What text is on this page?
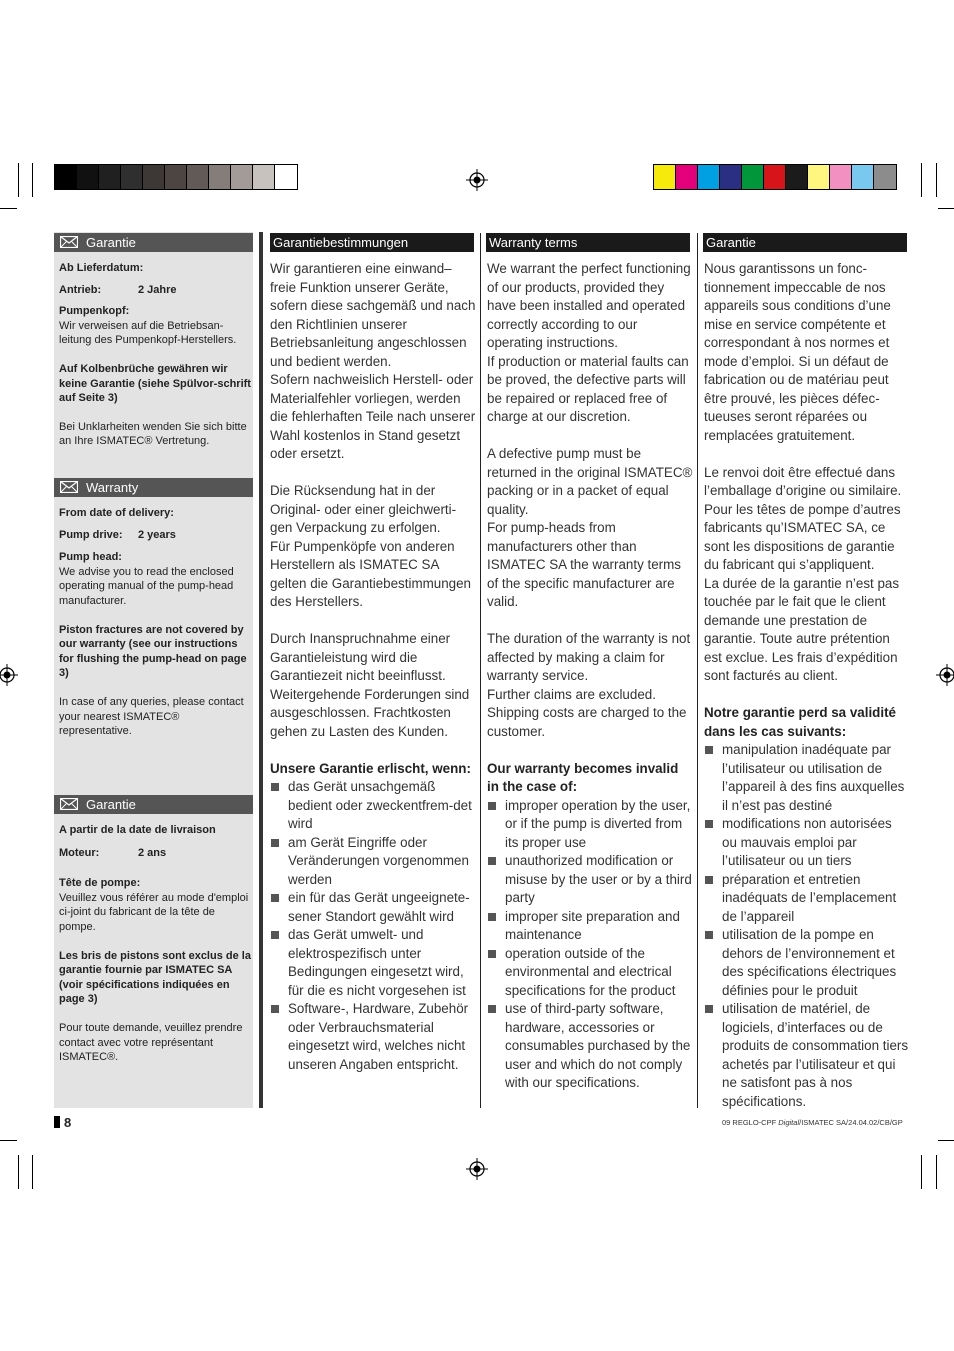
Garantie
Ab Lieferdatum:
Antrieb:	2 Jahre
Pumpenkopf:
Wir verweisen auf die Betriebsan-leitung des Pumpenkopf-Herstellers.
Auf Kolbenbrüche gewähren wir keine Garantie (siehe Spülvor-schrift auf Seite 3)
Bei Unklarheiten wenden Sie sich bitte an Ihre ISMATEC® Vertretung.
Warranty
From date of delivery:
Pump drive:	2 years
Pump head:
We advise you to read the enclosed operating manual of the pump-head manufacturer.
Piston fractures are not covered by our warranty (see our instructions for flushing the pump-head on page 3)
In case of any queries, please contact your nearest ISMATEC® representative.
Garantie
A partir de la date de livraison
Moteur:	2 ans
Tête de pompe:
Veuillez vous référer au mode d'emploi ci-joint du fabricant de la tête de pompe.
Les bris de pistons sont exclus de la garantie fournie par ISMATEC SA (voir spécifications indiquées en page 3)
Pour toute demande, veuillez prendre contact avec votre représentant ISMATEC®.
Garantiebestimmungen

Wir garantieren eine einwand–freie Funktion unserer Geräte, sofern diese sachgemäß und nach den Richtlinien unserer Betriebsanleitung angeschlossen und bedient werden.

Sofern nachweislich Herstell- oder Materialfehler vorliegen, werden die fehlerhaften Teile nach unserer Wahl kostenlos in Stand gesetzt oder ersetzt.

Die Rücksendung hat in der Original- oder einer gleichwerti-gen Verpackung zu erfolgen.

Für Pumpenköpfe von anderen Herstellern als ISMATEC SA gelten die Garantiebestimmungen des Herstellers.

Durch Inanspruchnahme einer Garantieleistung wird die Garantiezeit nicht beeinflusst.

Weitergehende Forderungen sind ausgeschlossen. Frachtkosten gehen zu Lasten des Kunden.

Unsere Garantie erlischt, wenn:

das Gerät unsachgemäß bedient oder zweckentfrem-det wird
am Gerät Eingriffe oder Veränderungen vorgenommen werden
ein für das Gerät ungeeignete-sener Standort gewählt wird
das Gerät umwelt- und elektrospezifisch unter Bedingungen eingesetzt wird, für die es nicht vorgesehen ist
Software-, Hardware, Zubehör oder Verbrauchsmaterial eingesetzt wird, welches nicht unseren Angaben entspricht.
Warranty terms

We warrant the perfect functioning of our products, provided they have been installed and operated correctly according to our operating instructions.

If production or material faults can be proved, the defective parts will be repaired or replaced free of charge at our discretion.

A defective pump must be returned in the original ISMATEC® packing or in a packet of equal quality.

For pump-heads from manufacturers other than ISMATEC SA the warranty terms of the specific manufacturer are valid.

The duration of the warranty is not affected by making a claim for warranty service.

Further claims are excluded. Shipping costs are charged to the customer.

Our warranty becomes invalid in the case of:

improper operation by the user, or if the pump is diverted from its proper use
unauthorized modification or misuse by the user or by a third party
improper site preparation and maintenance
operation outside of the environmental and electrical specifications for the product
use of third-party software, hardware, accessories or consumables purchased by the user and which do not comply with our specifications.
Garantie

Nous garantissons un fonc-tionnement impeccable de nos appareils sous conditions d’une mise en service compétente et correspondant à nos normes et mode d’emploi. Si un défaut de fabrication ou de matériau peut être prouvé, les pièces défec-tueuses seront réparées ou remplacées gratuitement.

Le renvoi doit être effectué dans l’emballage d’origine ou similaire.

Pour les têtes de pompe d’autres fabricants qu’ISMATEC SA, ce sont les dispositions de garantie du fabricant qui s’appliquent.

La durée de la garantie n’est pas touchée par le fait que le client demande une prestation de garantie. Toute autre prétention est exclue. Les frais d’expédition sont facturés au client.

Notre garantie perd sa validité dans les cas suivants:

manipulation inadéquate par l’utilisateur ou utilisation de l’appareil à des fins auxquelles il n’est pas destiné
modifications non autorisées ou mauvais emploi par l’utilisateur ou un tiers
préparation et entretien inadéquats de l’emplacement de l’appareil
utilisation de la pompe en dehors de l’environnement et des spécifications électriques définies pour le produit
utilisation de matériel, de logiciels, d’interfaces ou de produits de consommation tiers achetés par l’utilisateur et qui ne satisfont pas à nos spécifications.
8	09 REGLO-CPF Digital/ISMATEC SA/24.04.02/CB/GP
